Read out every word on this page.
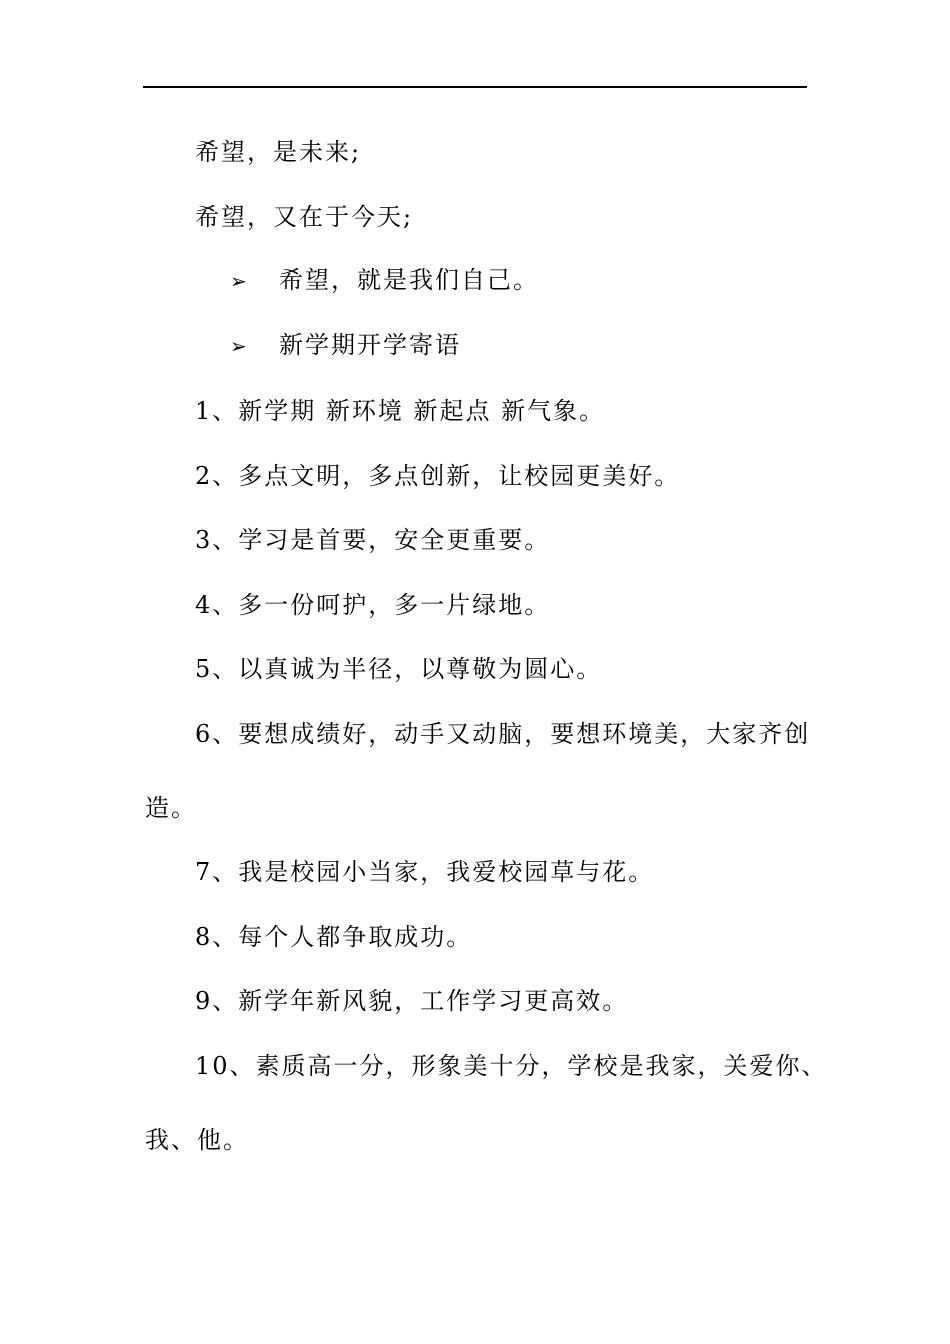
希望，是未来;
希望，又在于今天;
➢ 希望，就是我们自己。
➢ 新学期开学寄语
1、新学期 新环境 新起点 新气象。
2、多点文明，多点创新，让校园更美好。
3、学习是首要，安全更重要。
4、多一份呵护，多一片绿地。
5、以真诚为半径，以尊敬为圆心。
6、要想成绩好，动手又动脑，要想环境美，大家齐创
造。
7、我是校园小当家，我爱校园草与花。
8、每个人都争取成功。
9、新学年新风貌，工作学习更高效。
10、素质高一分，形象美十分，学校是我家，关爱你、
我、他。
